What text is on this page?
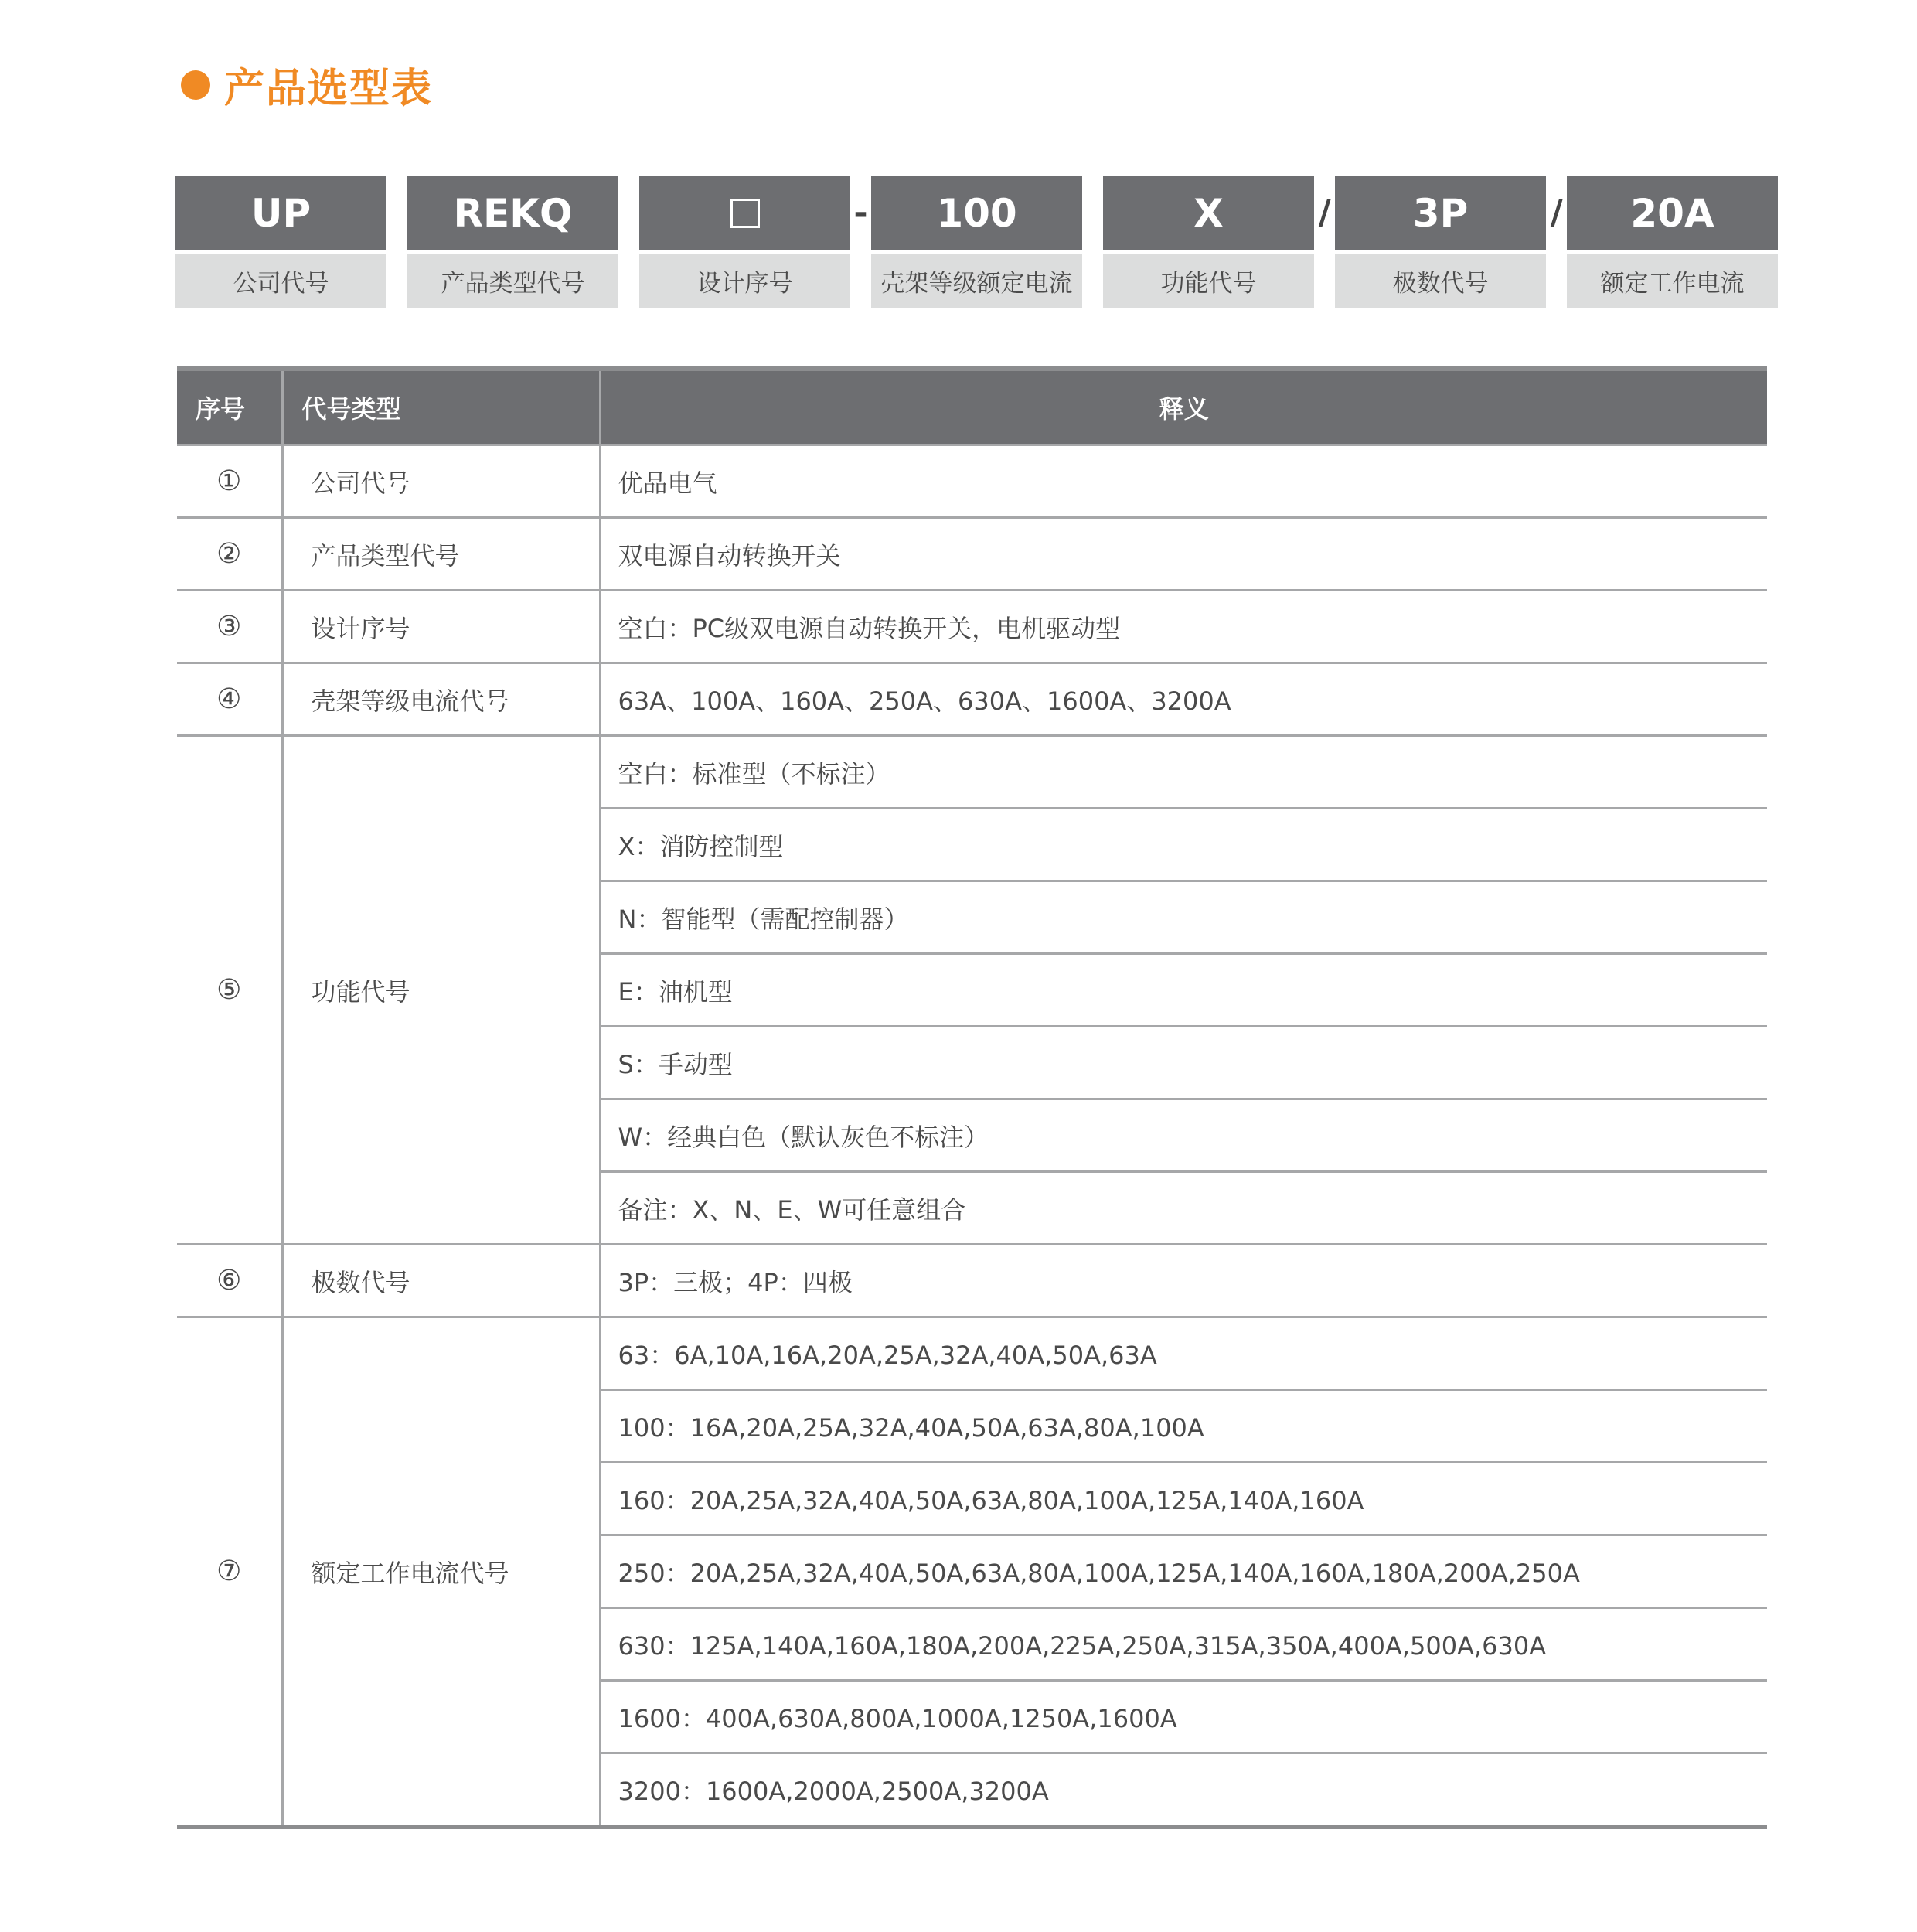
产品选型表
UP
公司代号
REKQ
产品类型代号	设计序号
-	100
壳架等级额定电流
X
功能代号
/	3P
极数代号
/	20A
额定工作电流
序号	代号类型	释义
①	公司代号	优品电气
②	产品类型代号	双电源自动转换开关
③	设计序号	空白：PC级双电源自动转换开关，电机驱动型
④	壳架等级电流代号	63A、100A、160A、250A、630A、1600A、3200A
⑤	功能代号	空白：标准型（不标注）
		X：消防控制型
		N：智能型（需配控制器）
		E：油机型
		S：手动型
		W：经典白色（默认灰色不标注）
		备注：X、N、E、W可任意组合
⑥	极数代号	3P：三极；4P：四极
⑦	额定工作电流代号	63：6A,10A,16A,20A,25A,32A,40A,50A,63A
		100：16A,20A,25A,32A,40A,50A,63A,80A,100A
		160：20A,25A,32A,40A,50A,63A,80A,100A,125A,140A,160A
		250：20A,25A,32A,40A,50A,63A,80A,100A,125A,140A,160A,180A,200A,250A
		630：125A,140A,160A,180A,200A,225A,250A,315A,350A,400A,500A,630A
		1600：400A,630A,800A,1000A,1250A,1600A
		3200：1600A,2000A,2500A,3200A
